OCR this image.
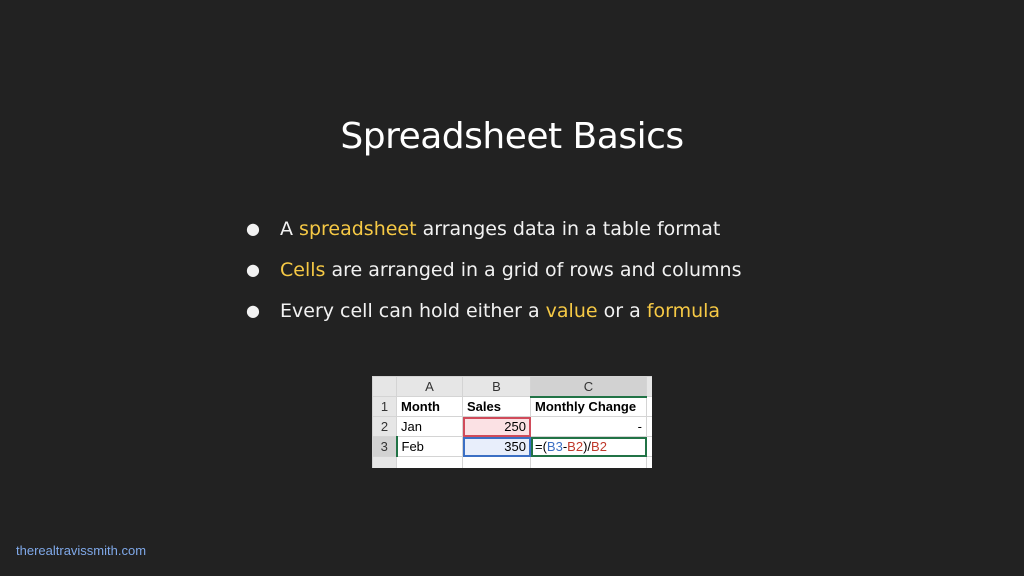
Spreadsheet Basics
● A spreadsheet arranges data in a table format
● Cells are arranged in a grid of rows and columns
● Every cell can hold either a value or a formula
	A	B	C	
1	Month	Sales	Monthly Change	
2	Jan	250	-	
3	Feb	350	=(B3-B2)/B2	

therealtravissmith.com
